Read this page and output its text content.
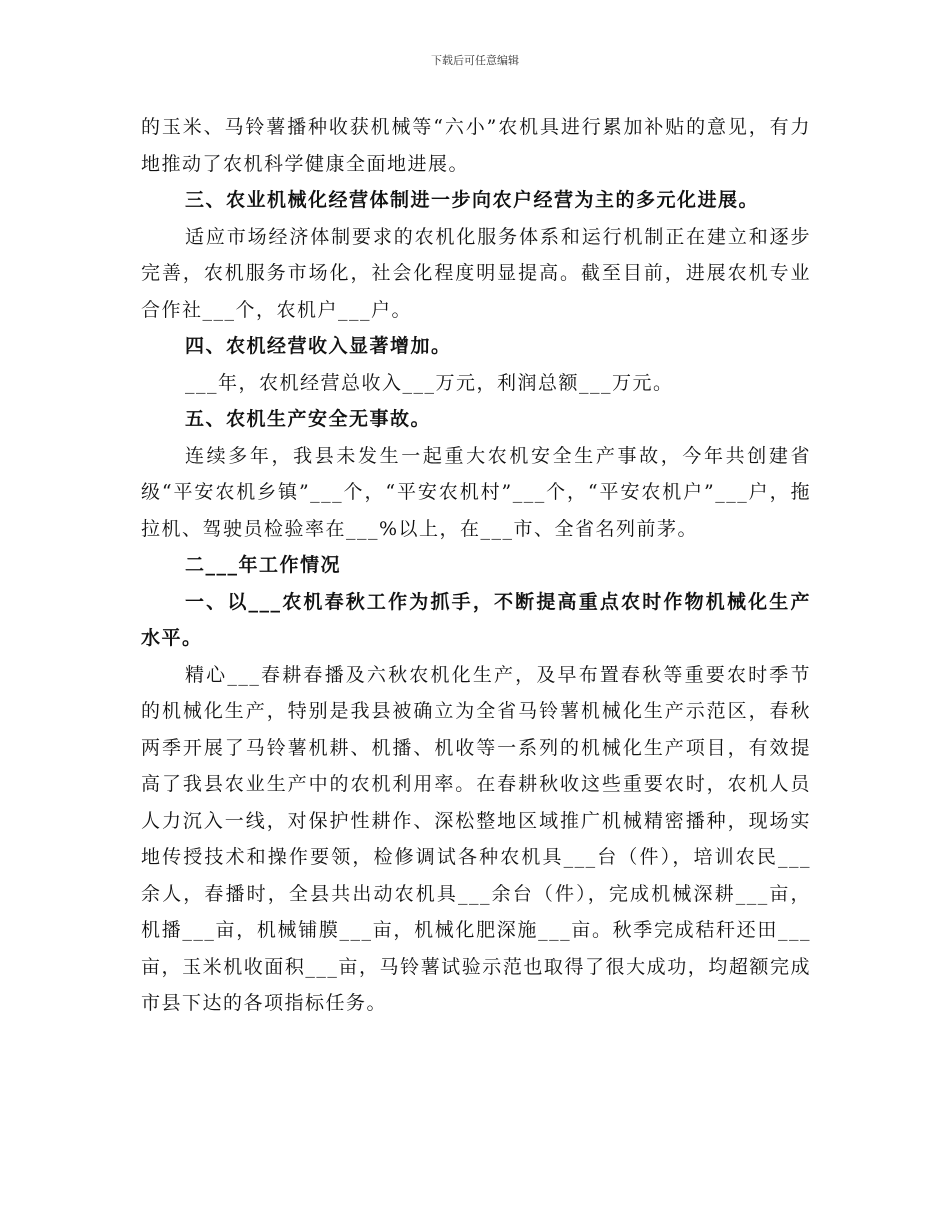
下载后可任意编辑

的玉米、马铃薯播种收获机械等“六小”农机具进行累加补贴的意见，有力地推动了农机科学健康全面地进展。

三、农业机械化经营体制进一步向农户经营为主的多元化进展。

适应市场经济体制要求的农机化服务体系和运行机制正在建立和逐步完善，农机服务市场化，社会化程度明显提高。截至目前，进展农机专业合作社___个，农机户___户。

四、农机经营收入显著增加。

___年，农机经营总收入___万元，利润总额___万元。

五、农机生产安全无事故。

连续多年，我县未发生一起重大农机安全生产事故，今年共创建省级“平安农机乡镇”___个，“平安农机村”___个，“平安农机户”___户，拖拉机、驾驶员检验率在___%以上，在___市、全省名列前茅。

二___年工作情况

一、以___农机春秋工作为抓手，不断提高重点农时作物机械化生产水平。

精心___春耕春播及六秋农机化生产，及早布置春秋等重要农时季节的机械化生产，特别是我县被确立为全省马铃薯机械化生产示范区，春秋两季开展了马铃薯机耕、机播、机收等一系列的机械化生产项目，有效提高了我县农业生产中的农机利用率。在春耕秋收这些重要农时，农机人员人力沉入一线，对保护性耕作、深松整地区域推广机械精密播种，现场实地传授技术和操作要领，检修调试各种农机具___台（件），培训农民___余人，春播时，全县共出动农机具___余台（件），完成机械深耕___亩，机播___亩，机械铺膜___亩，机械化肥深施___亩。秋季完成秸秆还田___亩，玉米机收面积___亩，马铃薯试验示范也取得了很大成功，均超额完成市县下达的各项指标任务。
